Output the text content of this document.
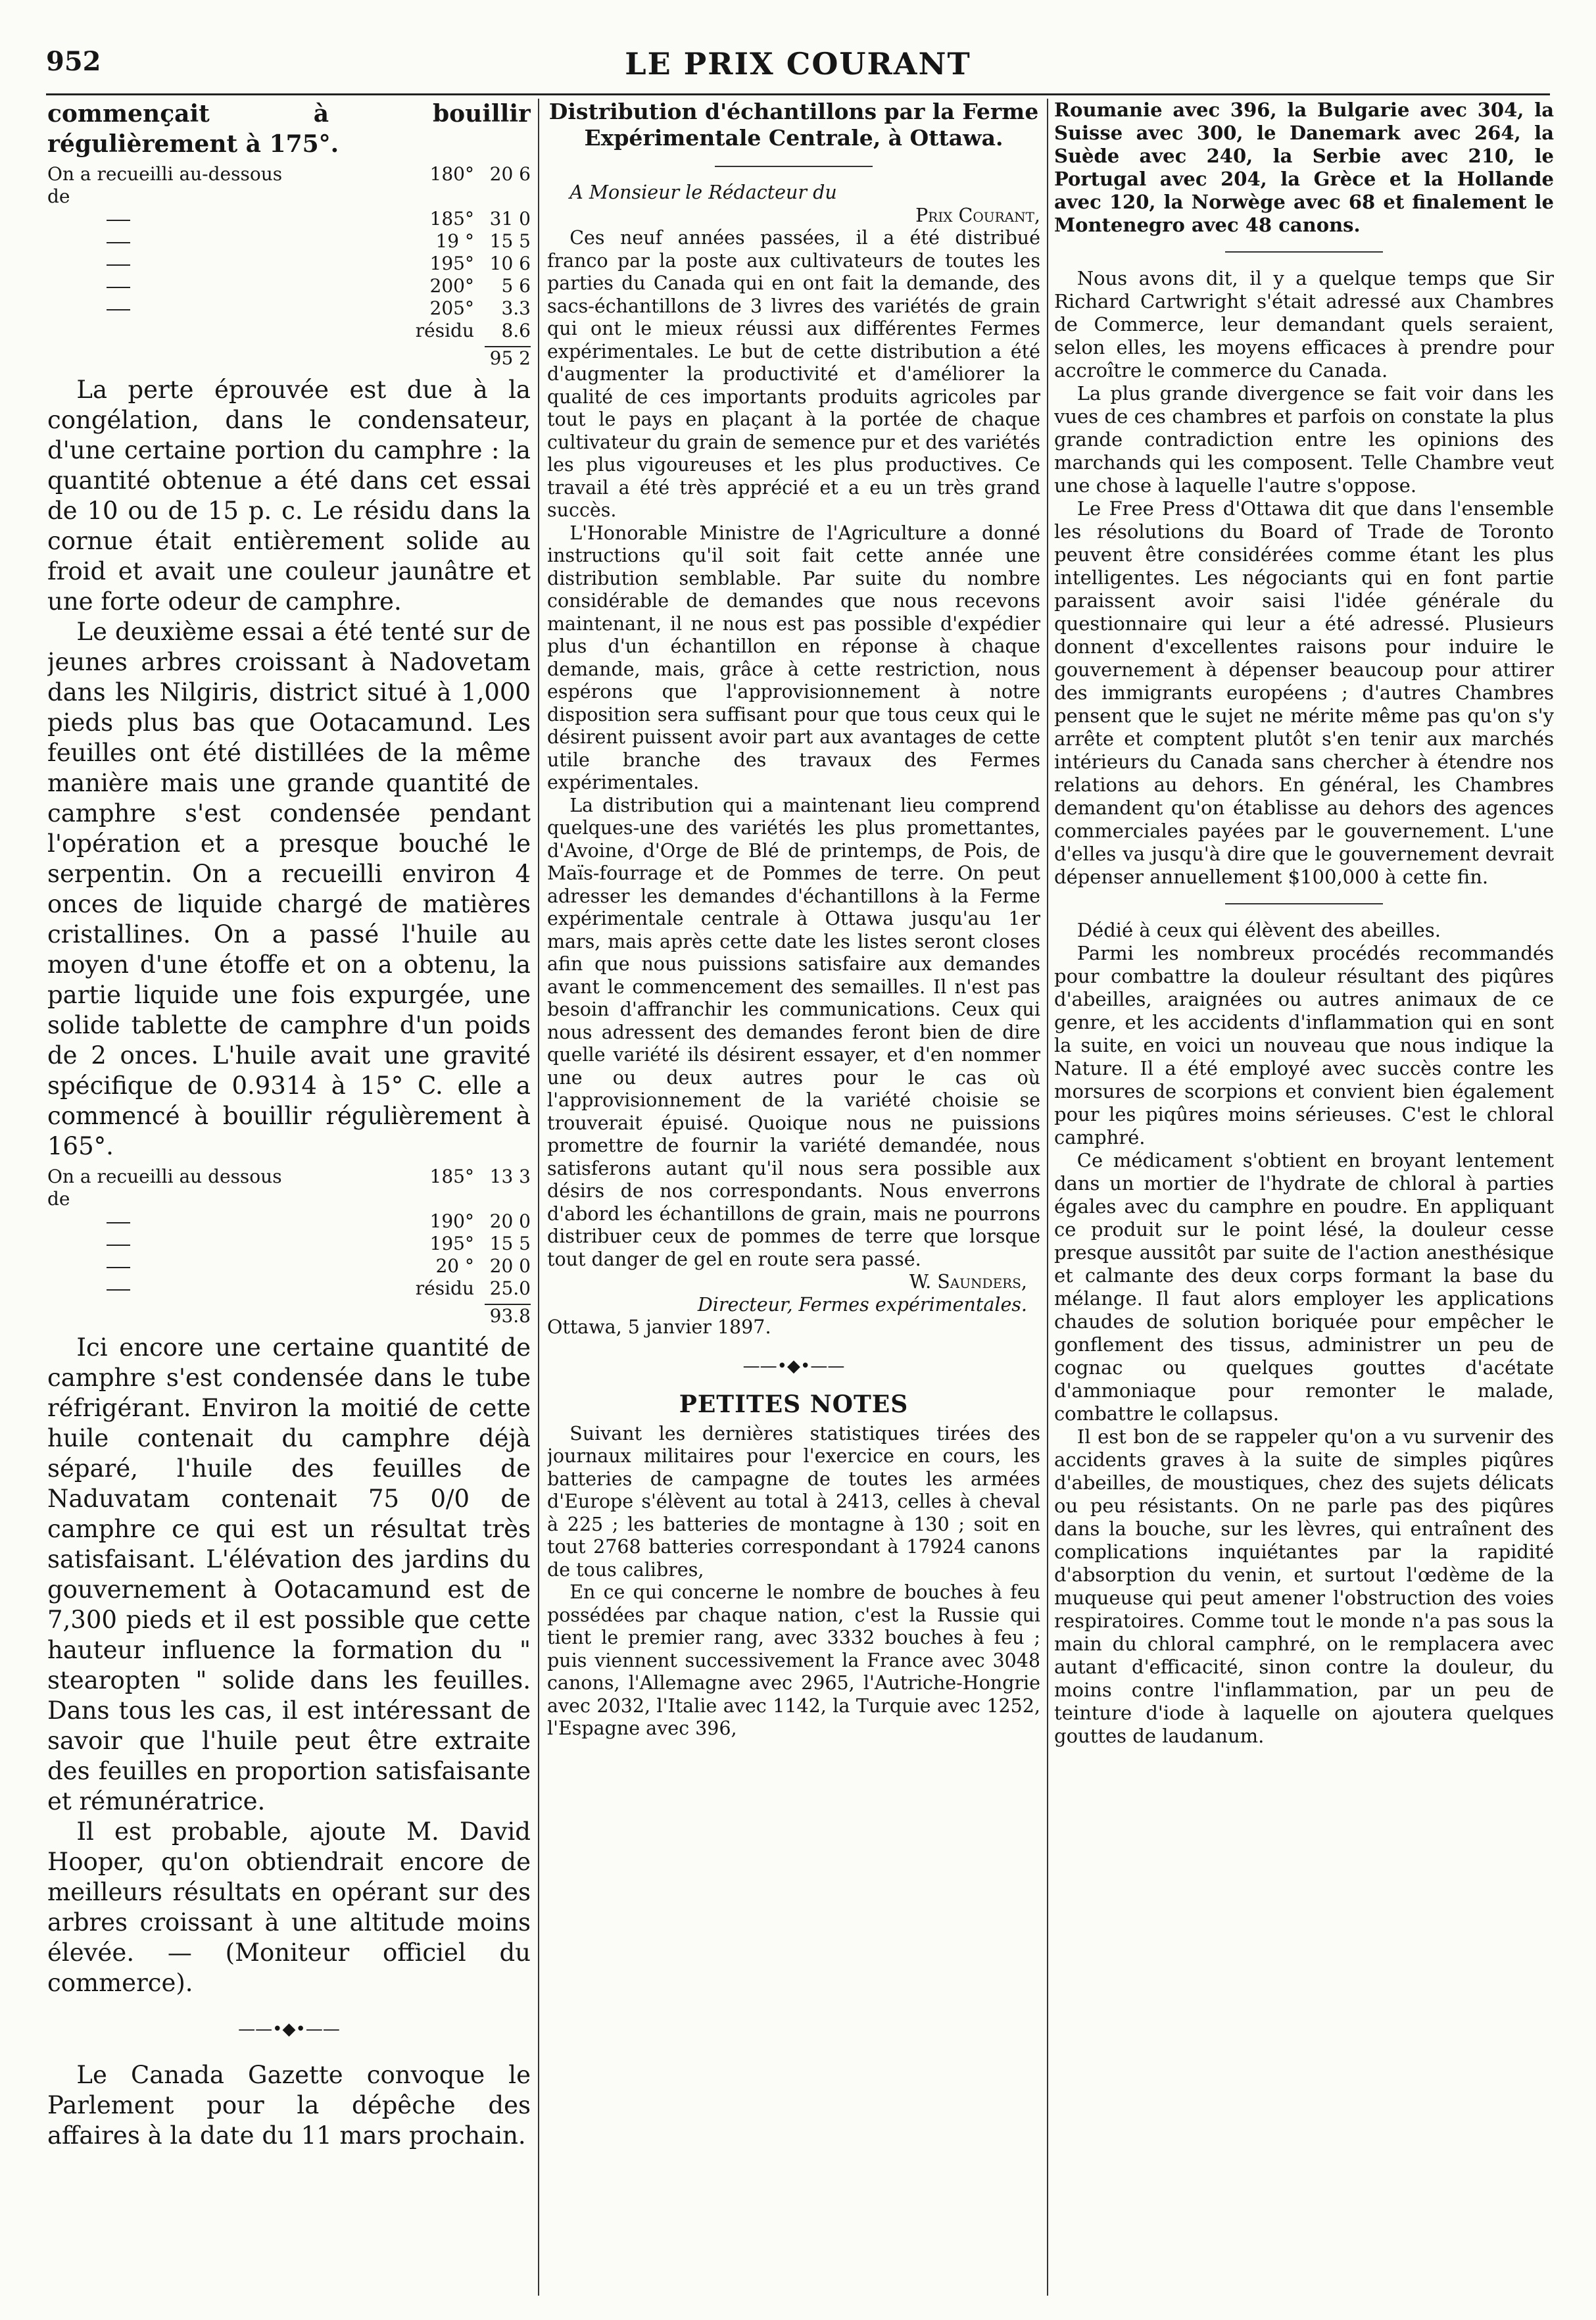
952	LE PRIX COURANT

commençait à bouillir régulièrement à 175°.

On a recueilli au-dessous de
180° 20 6
185° 31 0
19 ° 15 5
195° 10 6
200°	5 6
205°	3.3
résidu	8.6
95 2

La perte éprouvée est due à la congélation, dans le condensateur, d'une certaine portion du camphre : la quantité obtenue a été dans cet essai de 10 ou de 15 p. c. Le résidu dans la cornue était entièrement solide au froid et avait une couleur jaunâtre et une forte odeur de camphre.

Le deuxième essai a été tenté sur de jeunes arbres croissant à Nadovetam dans les Nilgiris, district situé à 1,000 pieds plus bas que Ootacamund. Les feuilles ont été distillées de la même manière mais une grande quantité de camphre s'est condensée pendant l'opération et a presque bouché le serpentin. On a recueilli environ 4 onces de liquide chargé de matières cristallines. On a passé l'huile au moyen d'une étoffe et on a obtenu, la partie liquide une fois expurgée, une solide tablette de camphre d'un poids de 2 onces. L'huile avait une gravité spécifique de 0.9314 à 15° C. elle a commencé à bouillir régulièrement à 165°.

On a recueilli au dessous de
185° 13 3
190° 20 0
195° 15 5
20 ° 20 0
résidu 25.0
93.8

Ici encore une certaine quantité de camphre s'est condensée dans le tube réfrigérant. Environ la moitié de cette huile contenait du camphre déjà séparé, l'huile des feuilles de Naduvatam contenait 75 0/0 de camphre ce qui est un résultat très satisfaisant. L'élévation des jardins du gouvernement à Ootacamund est de 7,300 pieds et il est possible que cette hauteur influence la formation du " stearopten " solide dans les feuilles. Dans tous les cas, il est intéressant de savoir que l'huile peut être extraite des feuilles en proportion satisfaisante et rémunératrice.

Il est probable, ajoute M. David Hooper, qu'on obtiendrait encore de meilleurs résultats en opérant sur des arbres croissant à une altitude moins élevée. — (Moniteur officiel du commerce).

——•◆•——

Le Canada Gazette convoque le Parlement pour la dépêche des affaires à la date du 11 mars prochain.

Distribution d'échantillons par la Ferme Expérimentale Centrale, à Ottawa.

A Monsieur le Rédacteur du

Prix Courant,

Ces neuf années passées, il a été distribué franco par la poste aux cultivateurs de toutes les parties du Canada qui en ont fait la demande, des sacs-échantillons de 3 livres des variétés de grain qui ont le mieux réussi aux différentes Fermes expérimentales. Le but de cette distribution a été d'augmenter la productivité et d'améliorer la qualité de ces importants produits agricoles par tout le pays en plaçant à la portée de chaque cultivateur du grain de semence pur et des variétés les plus vigoureuses et les plus productives. Ce travail a été très apprécié et a eu un très grand succès.

L'Honorable Ministre de l'Agriculture a donné instructions qu'il soit fait cette année une distribution semblable. Par suite du nombre considérable de demandes que nous recevons maintenant, il ne nous est pas possible d'expédier plus d'un échantillon en réponse à chaque demande, mais, grâce à cette restriction, nous espérons que l'approvisionnement à notre disposition sera suffisant pour que tous ceux qui le désirent puissent avoir part aux avantages de cette utile branche des travaux des Fermes expérimentales.

La distribution qui a maintenant lieu comprend quelques-une des variétés les plus promettantes, d'Avoine, d'Orge de Blé de printemps, de Pois, de Maïs-fourrage et de Pommes de terre. On peut adresser les demandes d'échantillons à la Ferme expérimentale centrale à Ottawa jusqu'au 1er mars, mais après cette date les listes seront closes afin que nous puissions satisfaire aux demandes avant le commencement des semailles. Il n'est pas besoin d'affranchir les communications. Ceux qui nous adressent des demandes feront bien de dire quelle variété ils désirent essayer, et d'en nommer une ou deux autres pour le cas où l'approvisionnement de la variété choisie se trouverait épuisé. Quoique nous ne puissions promettre de fournir la variété demandée, nous satisferons autant qu'il nous sera possible aux désirs de nos correspondants. Nous enverrons d'abord les échantillons de grain, mais ne pourrons distribuer ceux de pommes de terre que lorsque tout danger de gel en route sera passé.

W. Saunders,

Directeur, Fermes expérimentales.

Ottawa, 5 janvier 1897.

——•◆•——
PETITES NOTES

Suivant les dernières statistiques tirées des journaux militaires pour l'exercice en cours, les batteries de campagne de toutes les armées d'Europe s'élèvent au total à 2413, celles à cheval à 225 ; les batteries de montagne à 130 ; soit en tout 2768 batteries correspondant à 17924 canons de tous calibres,

En ce qui concerne le nombre de bouches à feu possédées par chaque nation, c'est la Russie qui tient le premier rang, avec 3332 bouches à feu ; puis viennent successivement la France avec 3048 canons, l'Allemagne avec 2965, l'Autriche-Hongrie avec 2032, l'Italie avec 1142, la Turquie avec 1252, l'Espagne avec 396,

Roumanie avec 396, la Bulgarie avec 304, la Suisse avec 300, le Danemark avec 264, la Suède avec 240, la Serbie avec 210, le Portugal avec 204, la Grèce et la Hollande avec 120, la Norwège avec 68 et finalement le Montenegro avec 48 canons.

Nous avons dit, il y a quelque temps que Sir Richard Cartwright s'était adressé aux Chambres de Commerce, leur demandant quels seraient, selon elles, les moyens efficaces à prendre pour accroître le commerce du Canada.

La plus grande divergence se fait voir dans les vues de ces chambres et parfois on constate la plus grande contradiction entre les opinions des marchands qui les composent. Telle Chambre veut une chose à laquelle l'autre s'oppose.

Le Free Press d'Ottawa dit que dans l'ensemble les résolutions du Board of Trade de Toronto peuvent être considérées comme étant les plus intelligentes. Les négociants qui en font partie paraissent avoir saisi l'idée générale du questionnaire qui leur a été adressé. Plusieurs donnent d'excellentes raisons pour induire le gouvernement à dépenser beaucoup pour attirer des immigrants européens ; d'autres Chambres pensent que le sujet ne mérite même pas qu'on s'y arrête et comptent plutôt s'en tenir aux marchés intérieurs du Canada sans chercher à étendre nos relations au dehors. En général, les Chambres demandent qu'on établisse au dehors des agences commerciales payées par le gouvernement. L'une d'elles va jusqu'à dire que le gouvernement devrait dépenser annuellement $100,000 à cette fin.

Dédié à ceux qui élèvent des abeilles.

Parmi les nombreux procédés recommandés pour combattre la douleur résultant des piqûres d'abeilles, araignées ou autres animaux de ce genre, et les accidents d'inflammation qui en sont la suite, en voici un nouveau que nous indique la Nature. Il a été employé avec succès contre les morsures de scorpions et convient bien également pour les piqûres moins sérieuses. C'est le chloral camphré.

Ce médicament s'obtient en broyant lentement dans un mortier de l'hydrate de chloral à parties égales avec du camphre en poudre. En appliquant ce produit sur le point lésé, la douleur cesse presque aussitôt par suite de l'action anesthésique et calmante des deux corps formant la base du mélange. Il faut alors employer les applications chaudes de solution boriquée pour empêcher le gonflement des tissus, administrer un peu de cognac ou quelques gouttes d'acétate d'ammoniaque pour remonter le malade, combattre le collapsus.

Il est bon de se rappeler qu'on a vu survenir des accidents graves à la suite de simples piqûres d'abeilles, de moustiques, chez des sujets délicats ou peu résistants. On ne parle pas des piqûres dans la bouche, sur les lèvres, qui entraînent des complications inquiétantes par la rapidité d'absorption du venin, et surtout l'œdème de la muqueuse qui peut amener l'obstruction des voies respiratoires. Comme tout le monde n'a pas sous la main du chloral camphré, on le remplacera avec autant d'efficacité, sinon contre la douleur, du moins contre l'inflammation, par un peu de teinture d'iode à laquelle on ajoutera quelques gouttes de laudanum.
